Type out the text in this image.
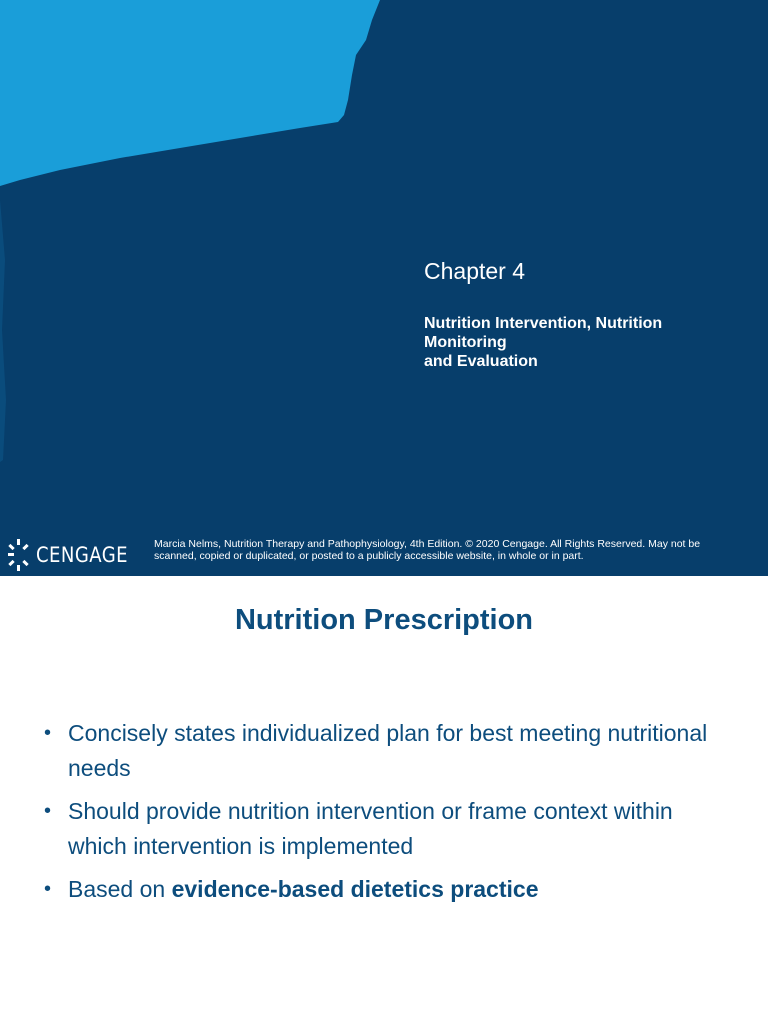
Chapter 4
Nutrition Intervention, Nutrition
Monitoring
and Evaluation
CENGAGE Marcia Nelms, Nutrition Therapy and Pathophysiology, 4th Edition. © 2020 Cengage. All Rights Reserved. May not be scanned, copied or duplicated, or posted to a publicly accessible website, in whole or in part.

Nutrition Prescription
• Concisely states individualized plan for best meeting nutritional needs
• Should provide nutrition intervention or frame context within which intervention is implemented
• Based on evidence-based dietetics practice
